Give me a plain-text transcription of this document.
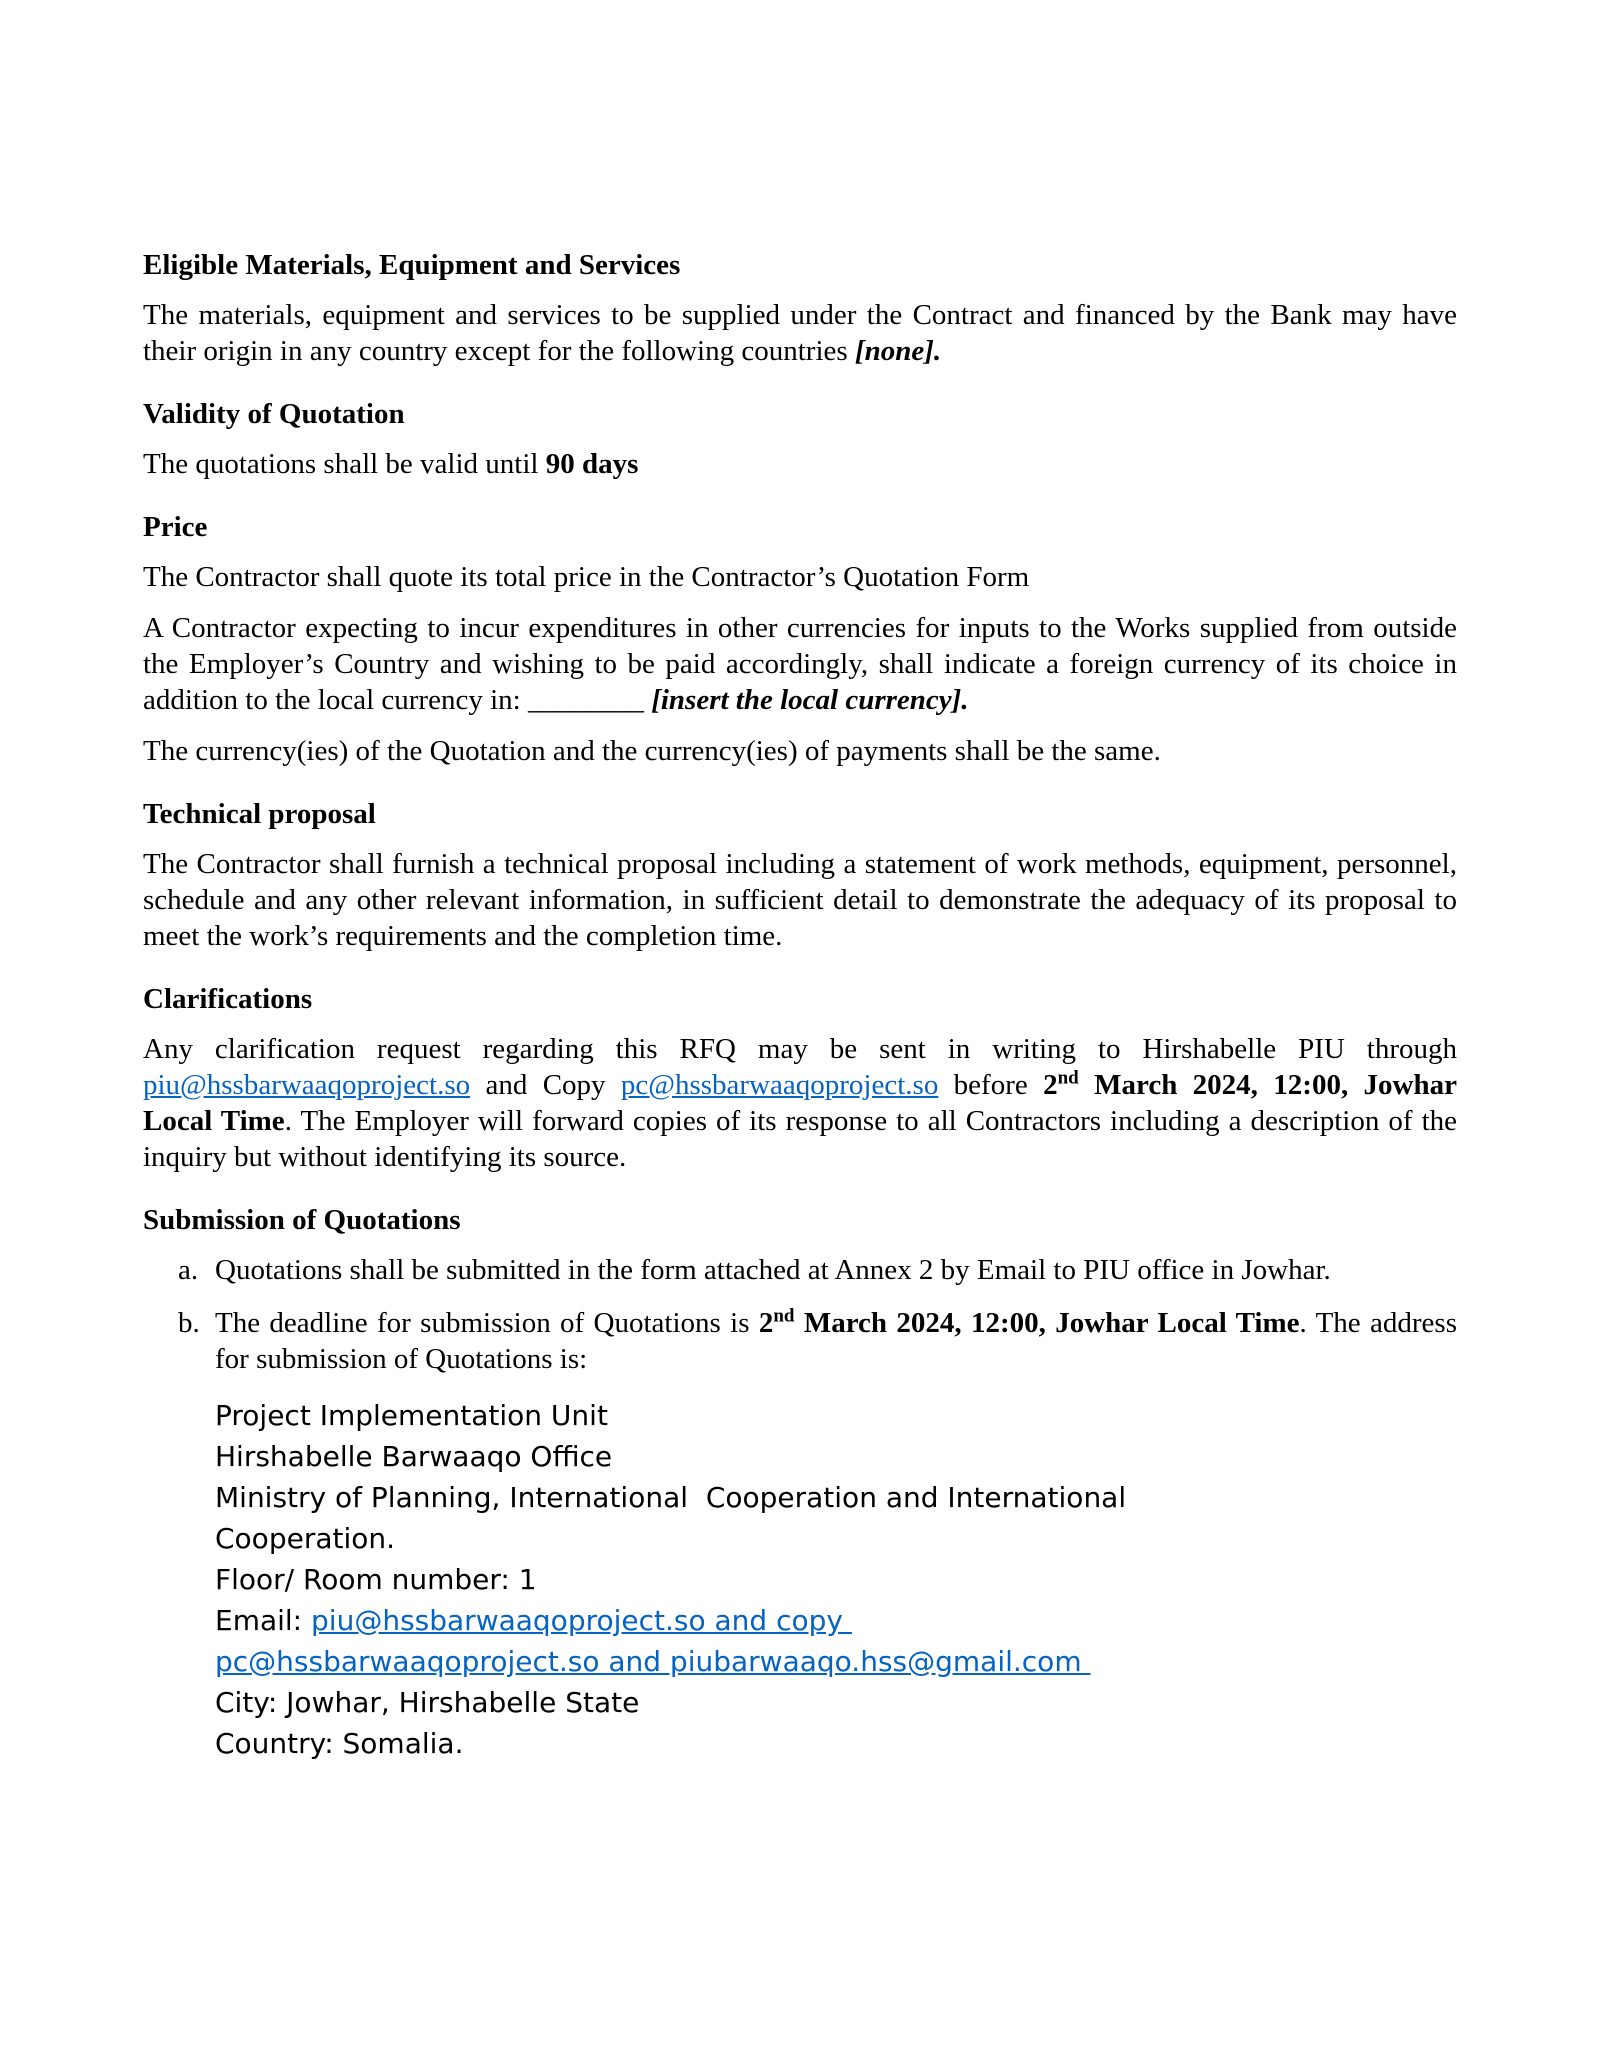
Eligible Materials, Equipment and Services

The materials, equipment and services to be supplied under the Contract and financed by the Bank may have their origin in any country except for the following countries [none].

Validity of Quotation

The quotations shall be valid until 90 days

Price

The Contractor shall quote its total price in the Contractor’s Quotation Form

A Contractor expecting to incur expenditures in other currencies for inputs to the Works supplied from outside the Employer’s Country and wishing to be paid accordingly, shall indicate a foreign currency of its choice in addition to the local currency in: ________ [insert the local currency].

The currency(ies) of the Quotation and the currency(ies) of payments shall be the same.

Technical proposal

The Contractor shall furnish a technical proposal including a statement of work methods, equipment, personnel, schedule and any other relevant information, in sufficient detail to demonstrate the adequacy of its proposal to meet the work’s requirements and the completion time.

Clarifications

Any clarification request regarding this RFQ may be sent in writing to Hirshabelle PIU through piu@hssbarwaaqoproject.so and Copy pc@hssbarwaaqoproject.so before 2nd March 2024, 12:00, Jowhar Local Time. The Employer will forward copies of its response to all Contractors including a description of the inquiry but without identifying its source.

Submission of Quotations
a. Quotations shall be submitted in the form attached at Annex 2 by Email to PIU office in Jowhar.
b. The deadline for submission of Quotations is 2nd March 2024, 12:00, Jowhar Local Time. The address for submission of Quotations is:
Project Implementation Unit
Hirshabelle Barwaaqo Office
Ministry of Planning, International  Cooperation and International
Cooperation.
Floor/ Room number: 1
Email: piu@hssbarwaaqoproject.so and copy
pc@hssbarwaaqoproject.so and piubarwaaqo.hss@gmail.com
City: Jowhar, Hirshabelle State
Country: Somalia.
